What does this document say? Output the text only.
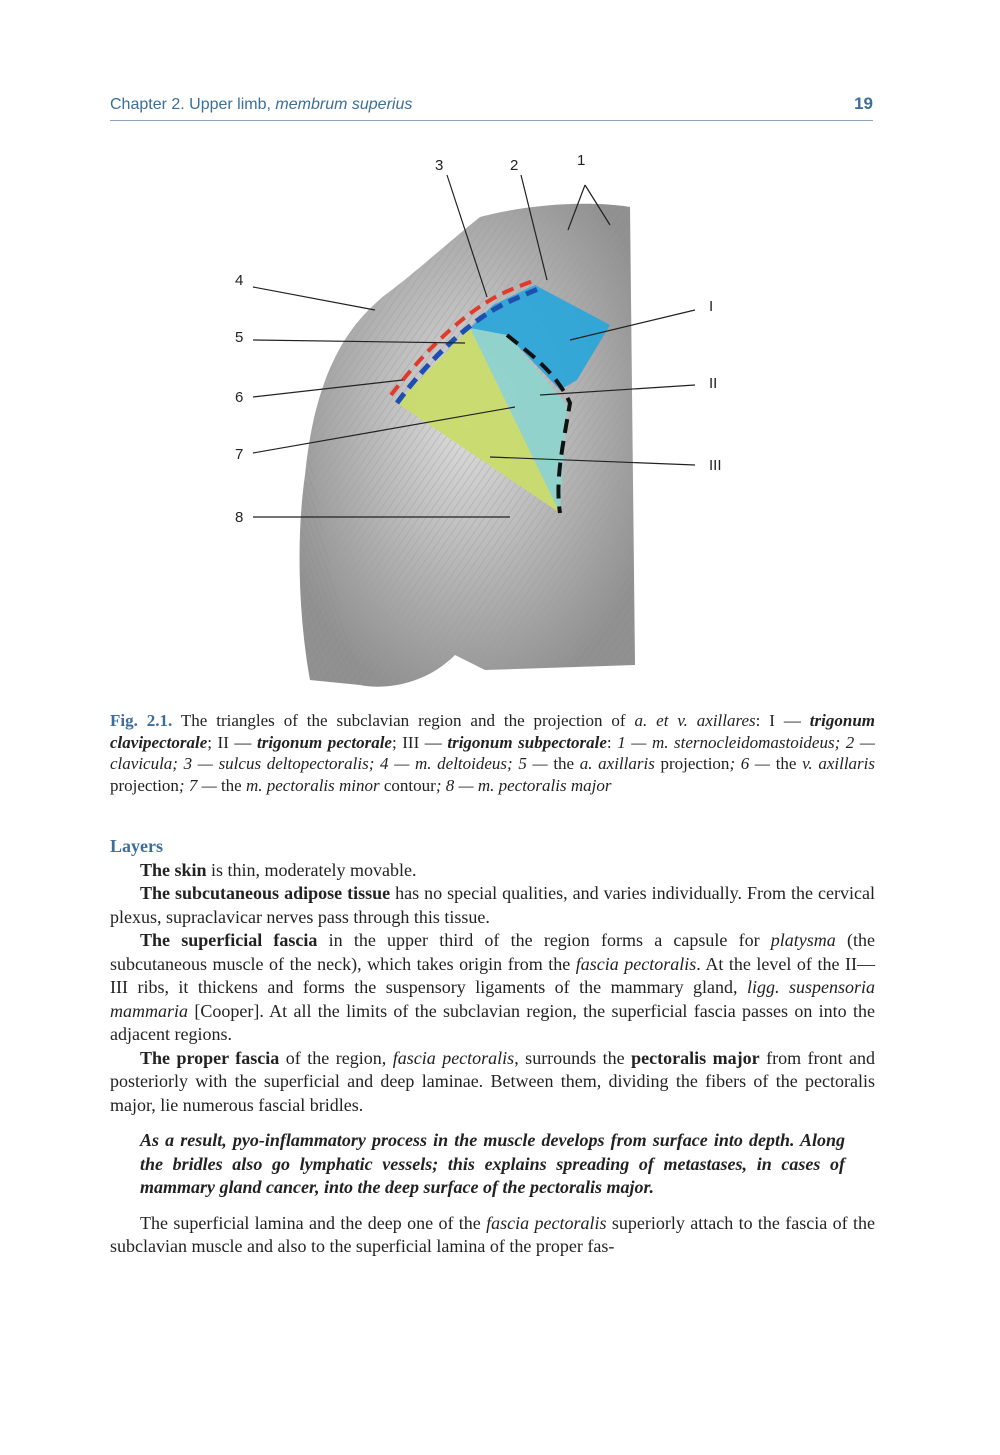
Chapter 2. Upper limb, membrum superius	19
3	2	1
4
5
6
7
8
I
II
III
Fig. 2.1. The triangles of the subclavian region and the projection of a. et v. axillares: I — trigonum clavipectorale; II — trigonum pectorale; III — trigonum subpectorale: 1 — m. sternocleidomastoideus; 2 — clavicula; 3 — sulcus deltopectoralis; 4 — m. deltoideus; 5 — the a. axillaris projection; 6 — the v. axillaris projection; 7 — the m. pectoralis minor contour; 8 — m. pectoralis major
Layers

The skin is thin, moderately movable.

The subcutaneous adipose tissue has no special qualities, and varies individually. From the cervical plexus, supraclavicar nerves pass through this tissue.

The superficial fascia in the upper third of the region forms a capsule for platysma (the subcutaneous muscle of the neck), which takes origin from the fascia pectoralis. At the level of the II—III ribs, it thickens and forms the suspensory ligaments of the mammary gland, ligg. suspensoria mammaria [Cooper]. At all the limits of the subclavian region, the superficial fascia passes on into the adjacent regions.

The proper fascia of the region, fascia pectoralis, surrounds the pectoralis major from front and posteriorly with the superficial and deep laminae. Between them, dividing the fibers of the pectoralis major, lie numerous fascial bridles.

As a result, pyo-inflammatory process in the muscle develops from surface into depth. Along the bridles also go lymphatic vessels; this explains spreading of metastases, in cases of mammary gland cancer, into the deep surface of the pectoralis major.

The superficial lamina and the deep one of the fascia pectoralis superiorly attach to the fascia of the subclavian muscle and also to the superficial lamina of the proper fas-
